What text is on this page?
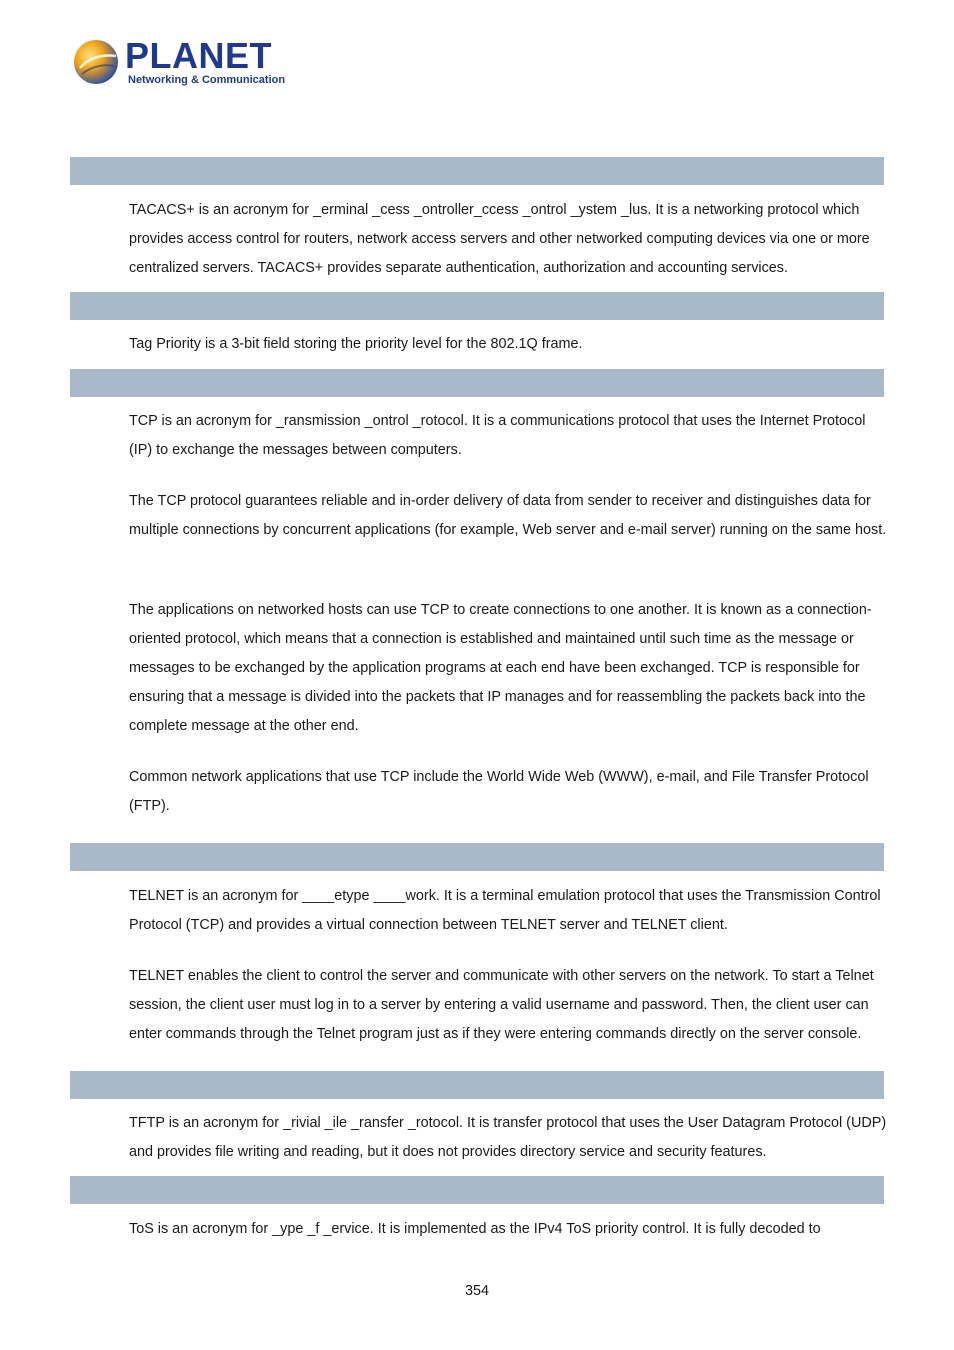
PLANET
Networking & Communication

TACACS+ is an acronym for _erminal _cess _ontroller_ccess _ontrol _ystem _lus. It is a networking protocol which provides access control for routers, network access servers and other networked computing devices via one or more centralized servers. TACACS+ provides separate authentication, authorization and accounting services.

Tag Priority is a 3-bit field storing the priority level for the 802.1Q frame.

TCP is an acronym for _ransmission _ontrol _rotocol. It is a communications protocol that uses the Internet Protocol (IP) to exchange the messages between computers.

The TCP protocol guarantees reliable and in-order delivery of data from sender to receiver and distinguishes data for multiple connections by concurrent applications (for example, Web server and e-mail server) running on the same host.

The applications on networked hosts can use TCP to create connections to one another. It is known as a connection-oriented protocol, which means that a connection is established and maintained until such time as the message or messages to be exchanged by the application programs at each end have been exchanged. TCP is responsible for ensuring that a message is divided into the packets that IP manages and for reassembling the packets back into the complete message at the other end.

Common network applications that use TCP include the World Wide Web (WWW), e-mail, and File Transfer Protocol (FTP).

TELNET is an acronym for ____etype ____work. It is a terminal emulation protocol that uses the Transmission Control Protocol (TCP) and provides a virtual connection between TELNET server and TELNET client.

TELNET enables the client to control the server and communicate with other servers on the network. To start a Telnet session, the client user must log in to a server by entering a valid username and password. Then, the client user can enter commands through the Telnet program just as if they were entering commands directly on the server console.

TFTP is an acronym for _rivial _ile _ransfer _rotocol. It is transfer protocol that uses the User Datagram Protocol (UDP) and provides file writing and reading, but it does not provides directory service and security features.

ToS is an acronym for _ype _f _ervice. It is implemented as the IPv4 ToS priority control. It is fully decoded to

354
